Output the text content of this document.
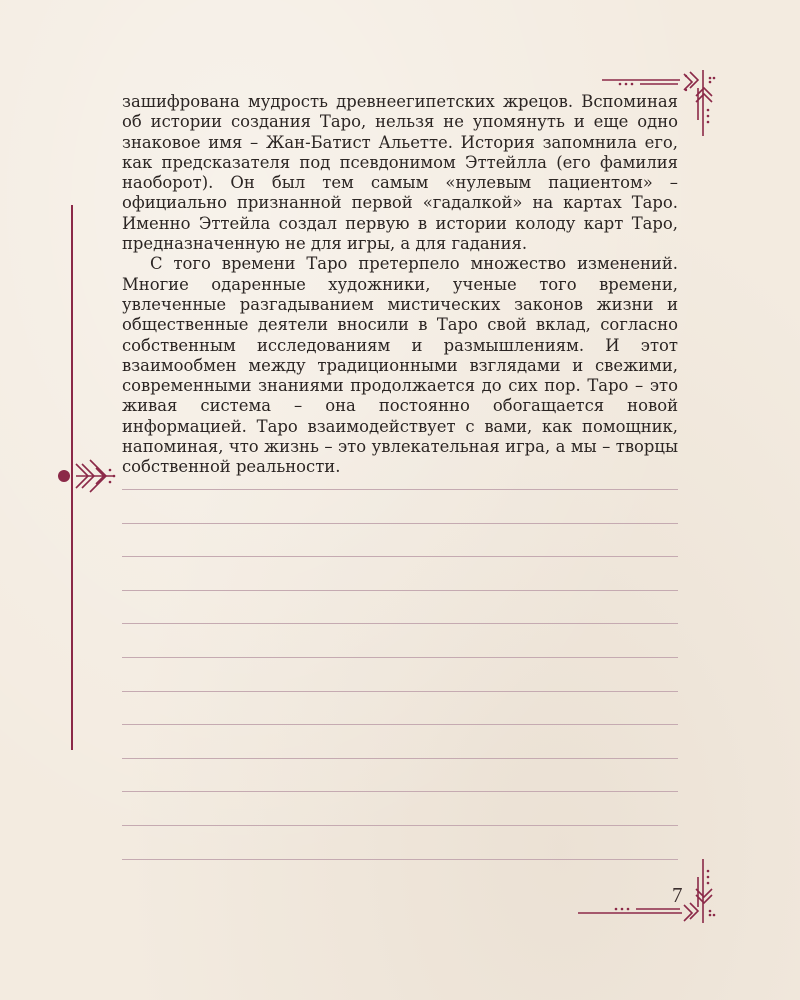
зашифрована мудрость древнеегипетских жрецов. Вспоминая об истории создания Таро, нельзя не упомянуть и еще одно знаковое имя – Жан-Батист Альетте. История запомнила его, как предсказателя под псевдонимом Эттейлла (его фамилия наоборот). Он был тем самым «нулевым пациентом» – официально признанной первой «гадалкой» на картах Таро. Именно Эттейла создал первую в истории колоду карт Таро, предназначенную не для игры, а для гадания.

С того времени Таро претерпело множество изменений. Многие одаренные художники, ученые того времени, увлеченные разгадыванием мистических законов жизни и общественные деятели вносили в Таро свой вклад, согласно собственным исследованиям и размышлениям. И этот взаимообмен между традиционными взглядами и свежими, современными знаниями продолжается до сих пор. Таро – это живая система – она постоянно обогащается новой информацией. Таро взаимодействует с вами, как помощник, напоминая, что жизнь – это увлекательная игра, а мы – творцы собственной реальности.

7
